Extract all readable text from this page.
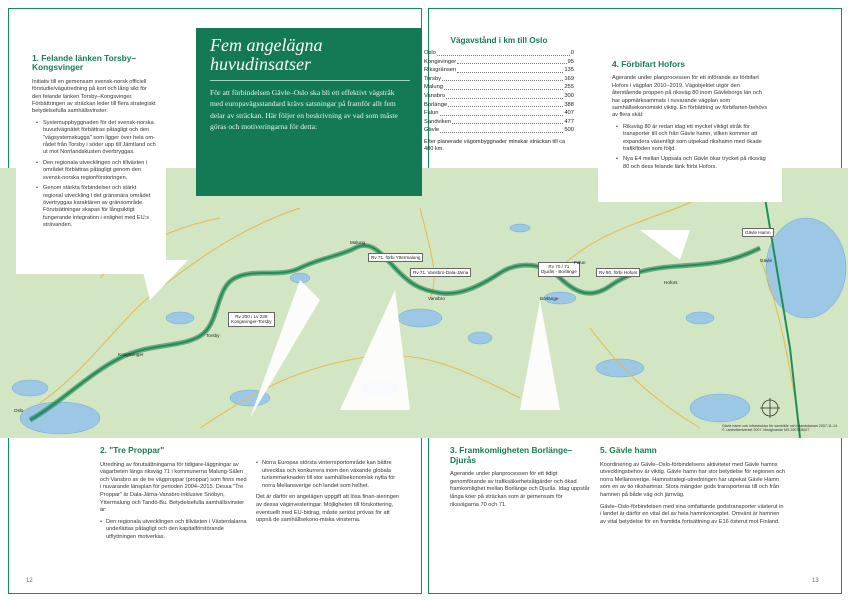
Rv 200 / Lv 239
Kongsvinger-Torsby
Rv 71. förbi Yttermalung
Rv 71. Vansbro-Dala-Järna
Rv 70 / 71
Djurås - Borlänge	Rv 80. förbi Hofors
Gävle Hamn
Oslo
Kongsvinger
Torsby
Malung
Vansbro	Borlänge
Falun
Hofors
Gävle
Gävle hamn och infrastruktur för samhälle och inlandsbanan 2007-11-14
© Lantmäteriverket 2007. Medgivande MS 2007/05627
1. Felande länken Torsby–Kongsvinger

Initiativ till en gemensam svensk-norsk officiell förstudie/vägutredning på kort och lång sikt för den felande länken Torsby–Kongsvinger. Förbättringen av sträckan leder till flera strategiskt betydelsefulla samhällsvinster:

• Systemuppbyggnaden för det svensk-norska huvudvägnätet förbättras påtagligt och den "vägsystemskugga" som ligger över hela om-rådet från Torsby i söder upp till Jämtland och ut mot Norrlandskusten överbryggas.
• Den regionala utvecklingen och tillväxten i området förbättras påtagligt genom den svensk-norska regionförstoringen.
• Genom stärkta förbindelser och stärkt regional utveckling i det gränsnära området övertryggas karaktären av gränsområde. Förutsättningar skapas för långsiktigt fungerande integration i enlighet med EU:s strävanden.
Fem angelägna huvudinsatser
För att förbindelsen Gävle–Oslo ska bli ett effektivt vägstråk med europavägsstandard krävs satsningar på framför allt fem delar av sträckan. Här följer en beskrivning av vad som måste göras och motiveringarna för detta:
Vägavstånd i km till Oslo
Oslo	0
Kongsvinger	95
Riksgränsen	135
Torsby	169
Malung	255
Vansbro	300
Borlänge	388
Falun	407
Sandviken	477
Gävle	500
Efter planerade vägombyggnader minskar sträckan till ca 480 km.
4. Förbifart Hofors

Agerande under planprocessen för ett införande av förbifart Hofors i vägplan 2010–2019. Vägobjektet utgör den återstående proppen på riksväg 80 inom Gävleborgs län och har uppmärksammats i nuvarande vägplan som samhällsekonomiskt viktig. En förbättring av förbifarten behövs av flera skäl:

• Riksväg 80 är redan idag ett mycket viktigt stråk för transporter till och från Gävle hamn, vilken kommer att expandera väsentligt som utpekad rikshamn med ökade trafikflöden som följd.
• Nya E4 mellan Uppsala och Gävle ökar trycket på riksväg 80 och dess felande länk förbi Hofors.
2. "Tre Proppar"

Utredning av förutsättningarna för tidigare-läggningar av vägarbeten längs riksväg 71 i kommunerna Malung-Sälen och Vansbro av de tre vägproppar (proppar) som finns med i nuvarande länsplan för perioden 2004–2015. Dessa "Tre Proppar" är Dala-Järna-Vansbro inklusive Snöbyn, Yttermalung och Tandö-Bu. Betydelsefulla samhällsvinster är:

• Den regionala utvecklingen och tillväxten i Västerdalarna underlättas påtagligt och den kapitalförstörande utflyttningen motverkas.
• Norra Europas största vinterrsportområde kan bättre utvecklas och konkurrera inom den växande globala turismmarknaden till stor samhällsekonomisk nytta för norra Mellansverige och landet som helhet.

Det är därför en angelägen uppgift att lösa finan-sieringen av dessa väginvesteringar. Möjligheten till förskottering, eventuellt med EU-bidrag, måste seriöst prövas för att uppnå de samhällsekono-miska vinsterna.

3. Framkomligheten Borlänge–Djurås

Agerande under planprocessen för ett tidigt genomförande av trafiksäkerhetsåtgärder och ökad framkomlighet mellan Borlänge och Djurås. Idag uppstår långa köer på sträckan som är gemensam för riksvägarna 70 och 71.

5. Gävle hamn

Koordinering av Gävle–Oslo-förbindelsens aktiviteter med Gävle hamns utvecklingsbehov är viktig. Gävle hamn har stor betydelse för regionen och norra Mellansverige. Hamnstrategi-utredningen har utpekat Gävle Hamn som en av tio rikshamnar. Stora mängder gods transporteras till och från hamnen på både väg och järnväg.

Gävle–Oslo-förbindelsen med sina omfattande godstransporter västerut in i landet är därför en vital del av hela hamnkonceptet. Omvänt är hamnen av vital betydelse för en framtida fortsättning av E16 österut mot Finland.

12	13
